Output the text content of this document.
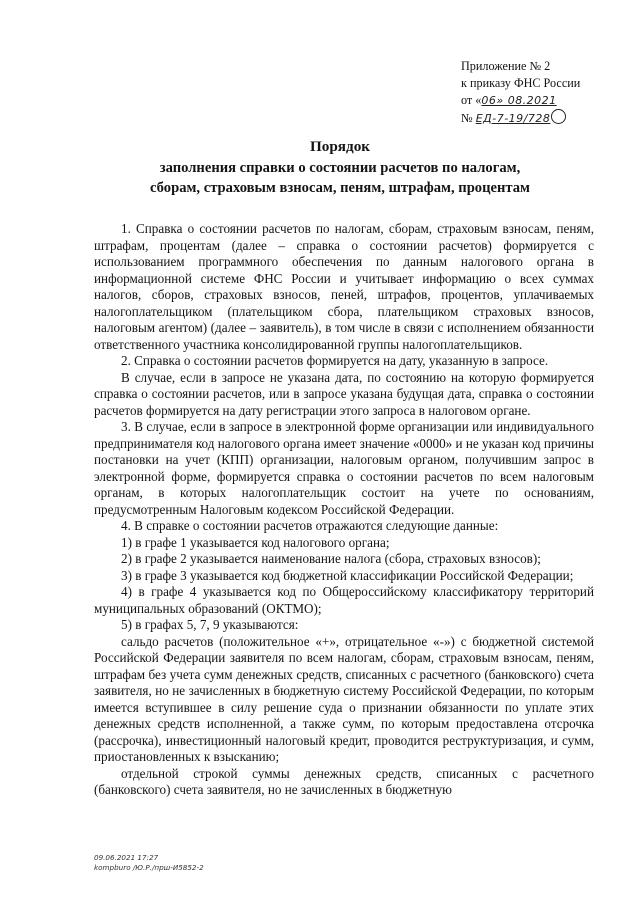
Приложение № 2
к приказу ФНС России
от «06» 08.2021
№ ЕД-7-19/728
Порядок
заполнения справки о состоянии расчетов по налогам,
сборам, страховым взносам, пеням, штрафам, процентам

1. Справка о состоянии расчетов по налогам, сборам, страховым взносам, пеням, штрафам, процентам (далее – справка о состоянии расчетов) формируется с использованием программного обеспечения по данным налогового органа в информационной системе ФНС России и учитывает информацию о всех суммах налогов, сборов, страховых взносов, пеней, штрафов, процентов, уплачиваемых налогоплательщиком (плательщиком сбора, плательщиком страховых взносов, налоговым агентом) (далее – заявитель), в том числе в связи с исполнением обязанности ответственного участника консолидированной группы налогоплательщиков.

2. Справка о состоянии расчетов формируется на дату, указанную в запросе.

В случае, если в запросе не указана дата, по состоянию на которую формируется справка о состоянии расчетов, или в запросе указана будущая дата, справка о состоянии расчетов формируется на дату регистрации этого запроса в налоговом органе.

3. В случае, если в запросе в электронной форме организации или индивидуального предпринимателя код налогового органа имеет значение «0000» и не указан код причины постановки на учет (КПП) организации, налоговым органом, получившим запрос в электронной форме, формируется справка о состоянии расчетов по всем налоговым органам, в которых налогоплательщик состоит на учете по основаниям, предусмотренным Налоговым кодексом Российской Федерации.

4. В справке о состоянии расчетов отражаются следующие данные:

1) в графе 1 указывается код налогового органа;

2) в графе 2 указывается наименование налога (сбора, страховых взносов);

3) в графе 3 указывается код бюджетной классификации Российской Федерации;

4) в графе 4 указывается код по Общероссийскому классификатору территорий муниципальных образований (ОКТМО);

5) в графах 5, 7, 9 указываются:

сальдо расчетов (положительное «+», отрицательное «-») с бюджетной системой Российской Федерации заявителя по всем налогам, сборам, страховым взносам, пеням, штрафам без учета сумм денежных средств, списанных с расчетного (банковского) счета заявителя, но не зачисленных в бюджетную систему Российской Федерации, по которым имеется вступившее в силу решение суда о признании обязанности по уплате этих денежных средств исполненной, а также сумм, по которым предоставлена отсрочка (рассрочка), инвестиционный налоговый кредит, проводится реструктуризация, и сумм, приостановленных к взысканию;

отдельной строкой суммы денежных средств, списанных с расчетного (банковского) счета заявителя, но не зачисленных в бюджетную

09.06.2021 17:27
kompburo /Ю.Р./прш-И5852-2
